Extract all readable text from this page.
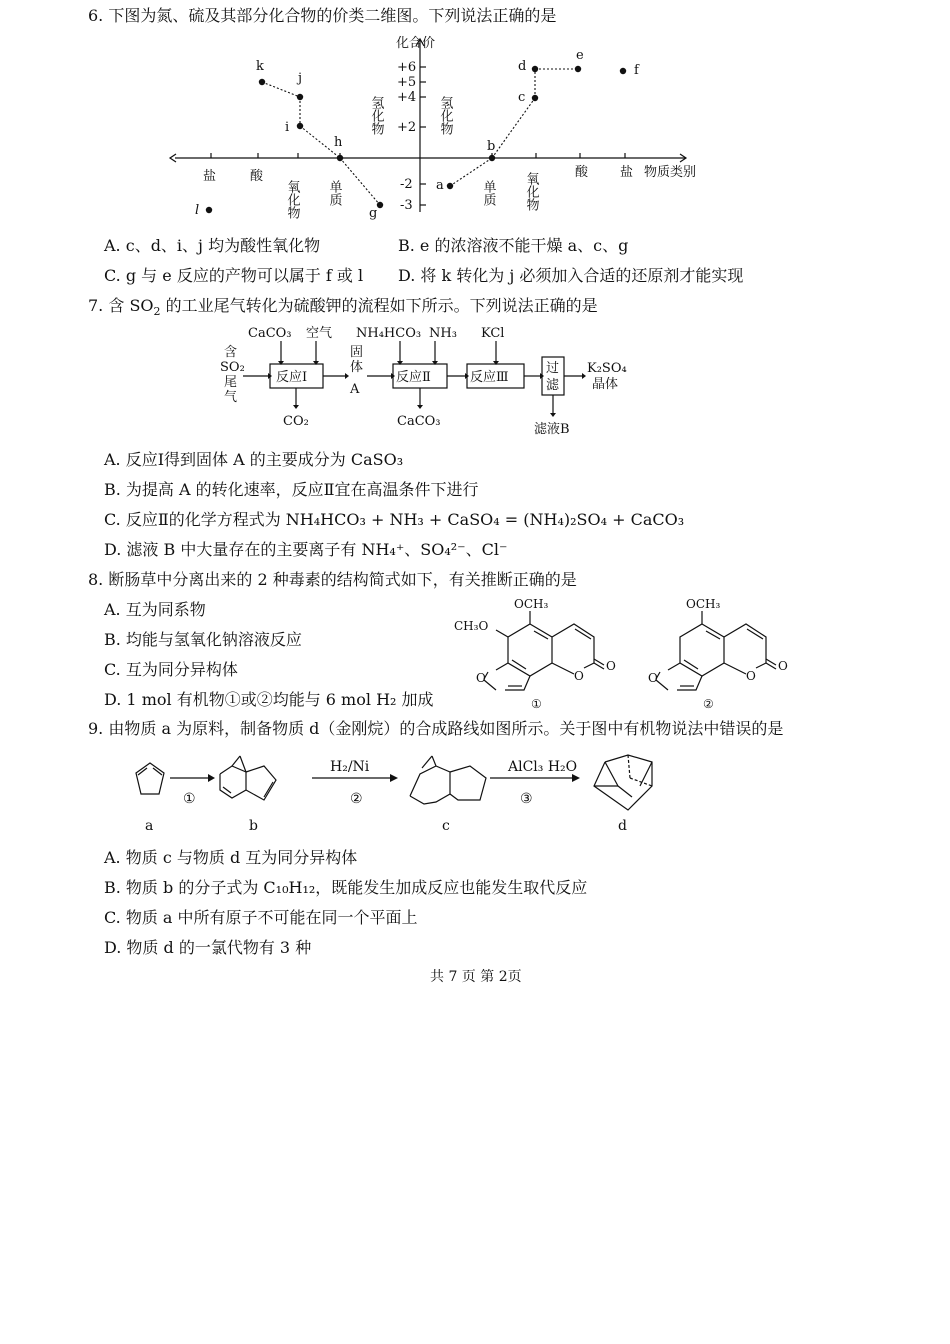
6. 下图为氮、硫及其部分化合物的价类二维图。下列说法正确的是
化合价
物质类别
+6
+5
+4
+2
-2
-3
盐	酸
氧化物 单质	单质 氧化物	酸 盐
氢化物	氢化物
k
j
i
h
g
l
a
b
c
d
e
f
A. c、d、i、j 均为酸性氧化物	B. e 的浓溶液不能干燥 a、c、g
C. g 与 e 反应的产物可以属于 f 或 l D. 将 k 转化为 j 必须加入合适的还原剂才能实现
7. 含 $SO_2$ 的工业尾气转化为硫酸钾的流程如下所示。下列说法正确的是
含
SO₂
尾
气
CaCO₃ 空气
反应Ⅰ
CO₂
固
体
A
NH₄HCO₃ NH₃
反应Ⅱ
CaCO₃
KCl
反应Ⅲ
过
滤
K₂SO₄
晶体
滤液B
A. 反应Ⅰ得到固体 A 的主要成分为 CaSO₃
B. 为提高 A 的转化速率，反应Ⅱ宜在高温条件下进行
C. 反应Ⅱ的化学方程式为 NH₄HCO₃ + NH₃ + CaSO₄ = (NH₄)₂SO₄ + CaCO₃
D. 滤液 B 中大量存在的主要离子有 NH₄⁺、SO₄²⁻、Cl⁻
8. 断肠草中分离出来的 2 种毒素的结构简式如下，有关推断正确的是
A. 互为同系物
B. 均能与氢氧化钠溶液反应
C. 互为同分异构体
D. 1 mol 有机物①或②均能与 6 mol H₂ 加成
OCH₃
CH₃O
O	O
O
①
OCH₃
O	O
O
②
9. 由物质 a 为原料，制备物质 d（金刚烷）的合成路线如图所示。关于图中有机物说法中错误的是
①
H₂/Ni
②
AlCl₃ H₂O
③
a	b	c	d
A. 物质 c 与物质 d 互为同分异构体
B. 物质 b 的分子式为 C₁₀H₁₂，既能发生加成反应也能发生取代反应
C. 物质 a 中所有原子不可能在同一个平面上
D. 物质 d 的一氯代物有 3 种
共 7 页 第 2页
